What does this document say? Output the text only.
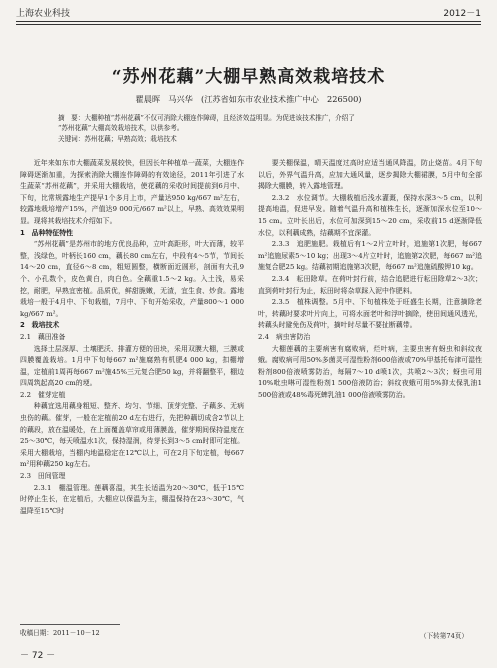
上海农业科技	2012－1
“苏州花藕”大棚早熟高效栽培技术
瞿晨晖　马兴华　(江苏省如东市农业技术推广中心　226500)
摘　要：大棚种植“苏州花藕”不仅可消除大棚连作障碍，且经济效益明显。为促进该技术推广，介绍了
“苏州花藕”大棚高效栽培技术，以供参考。
关键词：苏州花藕；早熟高效；栽培技术

近年来如东市大棚蔬菜发展较快，但因长年种植单一蔬菜，大棚连作障碍逐渐加重，为探索消除大棚连作障碍的有效途径，2011年引进了水生蔬菜“苏州花藕”，并采用大棚栽培，使花藕的采收时间提前到6月中、下旬，比常规露地生产提早1个多月上市，产量达950 kg/667 m²左右，较露地栽培增产15%，产值达9 000元/667 m²以上，早熟、高效效果明显。现将其栽培技术介绍如下。

1　品种特征特性

“苏州花藕”是苏州市的地方优良品种，立叶高距形，叶大而薄，较平整，浅绿色，叶柄长160 cm，藕长80 cm左右，中段有4～5节，节间长14～20 cm，直径6～8 cm，粗短圆整，横断面近圆形，剖面有大孔9个、小孔数个，皮色黄白，肉白色。全藕重1.5～2 kg。入土浅，易采挖，耐肥，早熟宜密植。品质优，鲜甜脆嫩，无渣，宜生食、炒食。露地栽培一般于4月中、下旬栽植，7月中、下旬开始采收，产量800～1 000 kg/667 m²。

2　栽培技术

2.1　藕田准备

选择土层深厚、土壤肥沃、排灌方便的田块，采用双膜大棚，三膜或四膜覆盖栽培。1月中下旬每667 m²施腐熟有机肥4 000 kg，扣棚增温，定植前1周再每667 m²施45%三元复合肥50 kg，并将翻整平，棚边四周筑起高20 cm的埂。

2.2　催芽定植

种藕宜选用藕身粗短、整齐、均匀、节细、顶芽完整、子藕多、无病虫伤的藕。催芽，一般在定植前20 d左右进行，先把种藕切成含2节以上的藕段，放在温暖处，在上面覆盖草帘或用薄膜盖，催芽期间保持温度在25～30℃，每天喷温水1次，保持湿润，待芽长到3～5 cm时即可定植。采用大棚栽培，当棚内地温稳定在12℃以上，可在2月下旬定植，每667 m²用种藕250 kg左右。

2.3　田间管理

2.3.1　棚温管理。莲藕喜温，其生长适温为20～30℃，低于15℃时停止生长，在定植后，大棚应以保温为主，棚温保持在23～30℃，气温降至15℃时

要关棚保温，晴天温度过高时应适当通风降温，防止烧苗。4月下旬以后，外界气温升高，应加大通风量，逐步揭除大棚裙膜，5月中旬全部揭除大棚膜，转入露地管理。

2.3.2　水位调节。大棚栽植后浅水灌溉，保持水深3～5 cm，以利提高地温，促进早发。随着气温升高和植株生长，逐渐加深水位至10～15 cm。立叶长出后，水位可加深到15～20 cm，采收前15 d逐渐降低水位，以利藕成熟，结藕期不宜深灌。

2.3.3　追肥施肥。栽植后有1～2片立叶时，追施第1次肥，每667 m²追施尿素5～10 kg；出现3～4片立叶时，追施第2次肥，每667 m²追施复合肥25 kg。结藕初期追施第3次肥，每667 m²追施硫酸钾10 kg。

2.3.4　耘田除草。在荷叶封行前，结合追肥进行耘田除草2～3次；直到荷叶封行为止，耘田时将杂草踩入泥中作肥料。

2.3.5　植株调整。5月中、下旬植株处于旺盛生长期，注意摘除老叶，转藕时要求叶片向上，可将水面老叶和浮叶摘除，使田间通风透光，转藕头时避免伤及荷叶，摘叶时尽量不要扯断藕带。

2.4　病虫害防治

大棚莲藕的主要病害有腐败病，烂叶病，主要虫害有蚜虫和斜纹夜蛾。腐败病可用50%多菌灵可湿性粉剂600倍液或70%甲基托布津可湿性粉剂800倍液喷雾防治，每隔7～10 d喷1次，共喷2～3次；蚜虫可用10%吡虫啉可湿性粉剂1 500倍液防治；斜纹夜蛾可用5%抑太保乳油1 500倍液或48%毒死蜱乳油1 000倍液喷雾防治。

收稿日期：2011－10－12	（下转第74页）
－ 72 －
